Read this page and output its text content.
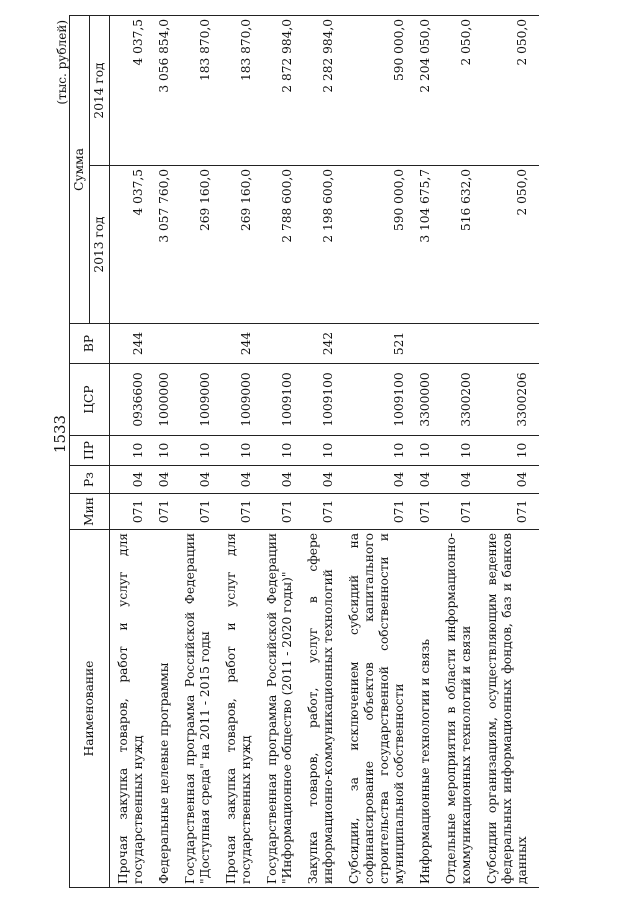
1533
(тыс. рублей)
Наименование	Мин	Рз	ПР	ЦСР	ВР	Сумма	
						2013 год	2014 год
Прочая закупка товаров, работ и услуг для государственных нужд	071	04	10	0936600	244	4 037,5	4 037,5
Федеральные целевые программы	071	04	10	1000000		3 057 760,0	3 056 854,0
Государственная программа Российской Федерации "Доступная среда" на 2011 - 2015 годы	071	04	10	1009000		269 160,0	183 870,0
Прочая закупка товаров, работ и услуг для государственных нужд	071	04	10	1009000	244	269 160,0	183 870,0
Государственная программа Российской Федерации "Информационное общество (2011 - 2020 годы)"	071	04	10	1009100		2 788 600,0	2 872 984,0
Закупка товаров, работ, услуг в сфере информационно-коммуникационных технологий	071	04	10	1009100	242	2 198 600,0	2 282 984,0
Субсидии, за исключением субсидий на софинансирование объектов капитального строительства государственной собственности и муниципальной собственности	071	04	10	1009100	521	590 000,0	590 000,0
Информационные технологии и связь	071	04	10	3300000		3 104 675,7	2 204 050,0
Отдельные мероприятия в области информационно-коммуникационных технологий и связи	071	04	10	3300200		516 632,0	2 050,0
Субсидии организациям, осуществляющим ведение федеральных информационных фондов, баз и банков данных	071	04	10	3300206		2 050,0	2 050,0
